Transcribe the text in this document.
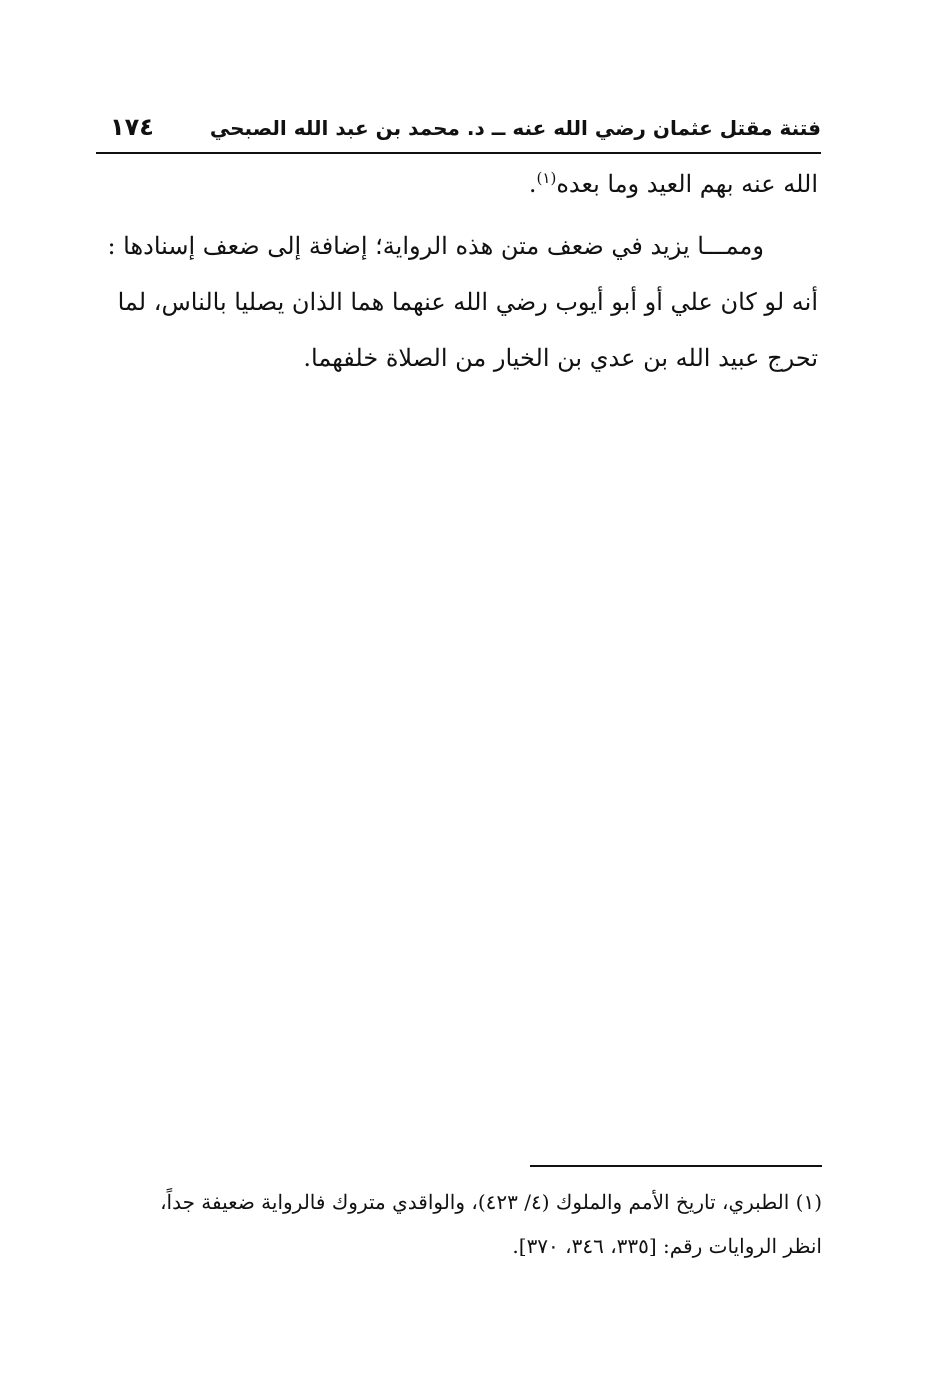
فتنة مقتل عثمان رضي الله عنه ــ د. محمد بن عبد الله الصبحي
١٧٤

الله عنه بهم العيد وما بعده$^{(١)}$.

وممـــا يزيد في ضعف متن هذه الرواية؛ إضافة إلى ضعف إسنادها :

أنه لو كان علي أو أبو أيوب رضي الله عنهما هما الذان يصليا بالناس، لما

تحرج عبيد الله بن عدي بن الخيار من الصلاة خلفهما.

(١) الطبري، تاريخ الأمم والملوك (٤/ ٤٢٣)، والواقدي متروك فالرواية ضعيفة جداً،

انظر الروايات رقم: [٣٣٥، ٣٤٦، ٣٧٠].
